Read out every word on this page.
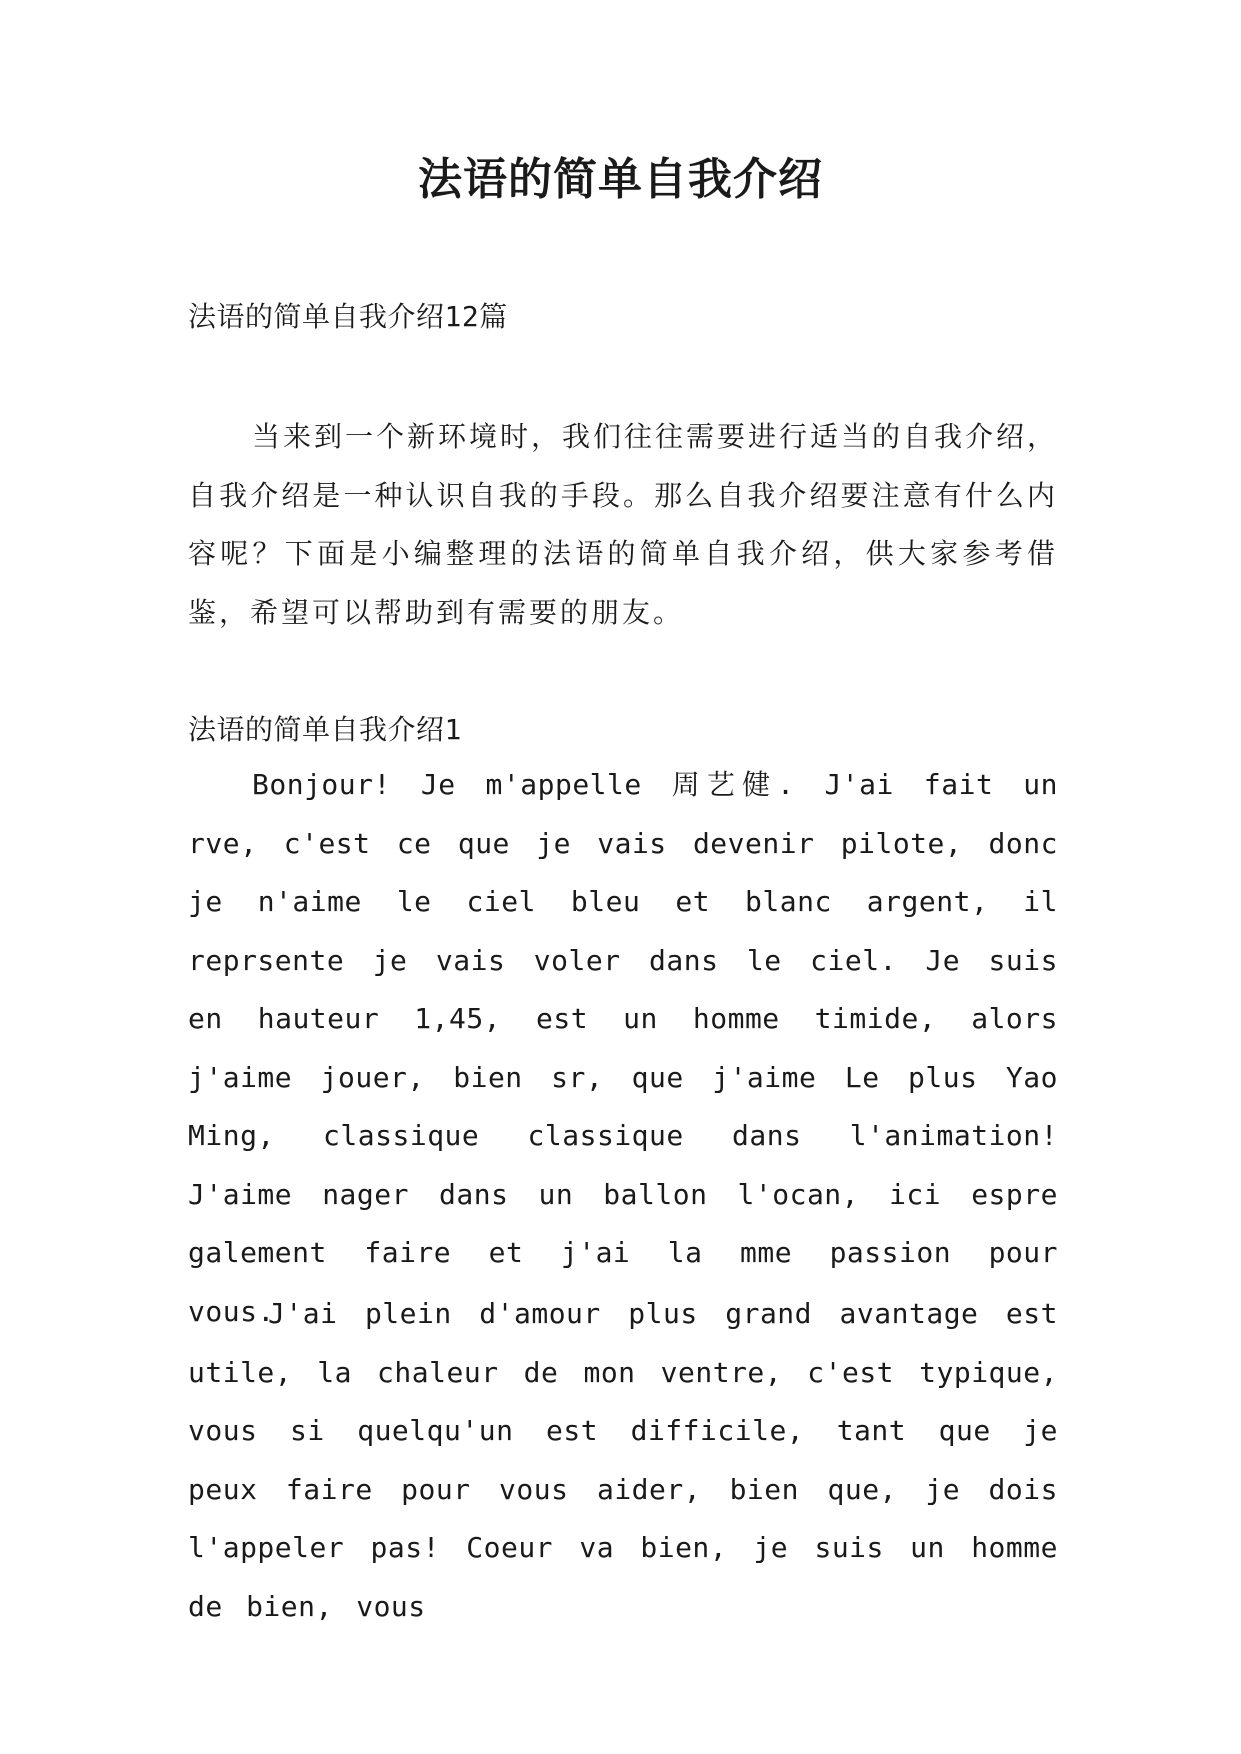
法语的简单自我介绍

法语的简单自我介绍12篇

当来到一个新环境时，我们往往需要进行适当的自我介绍，自我介绍是一种认识自我的手段。那么自我介绍要注意有什么内容呢？下面是小编整理的法语的简单自我介绍，供大家参考借鉴，希望可以帮助到有需要的朋友。

法语的简单自我介绍1

Bonjour! Je m'appelle 周艺健. J'ai fait un rve, c'est ce que je vais devenir pilote, donc je n'aime le ciel bleu et blanc argent, il reprsente je vais voler dans le ciel. Je suis en hauteur 1,45, est un homme timide, alors j'aime jouer, bien sr, que j'aime Le plus Yao Ming, classique classique dans l'animation! J'aime nager dans un ballon l'ocan, ici espre galement faire et j'ai la mme passion pour vous.

J'ai plein d'amour plus grand avantage est utile, la chaleur de mon ventre, c'est typique, vous si quelqu'un est difficile, tant que je peux faire pour vous aider, bien que, je dois l'appeler pas! Coeur va bien, je suis un homme de bien, vous
